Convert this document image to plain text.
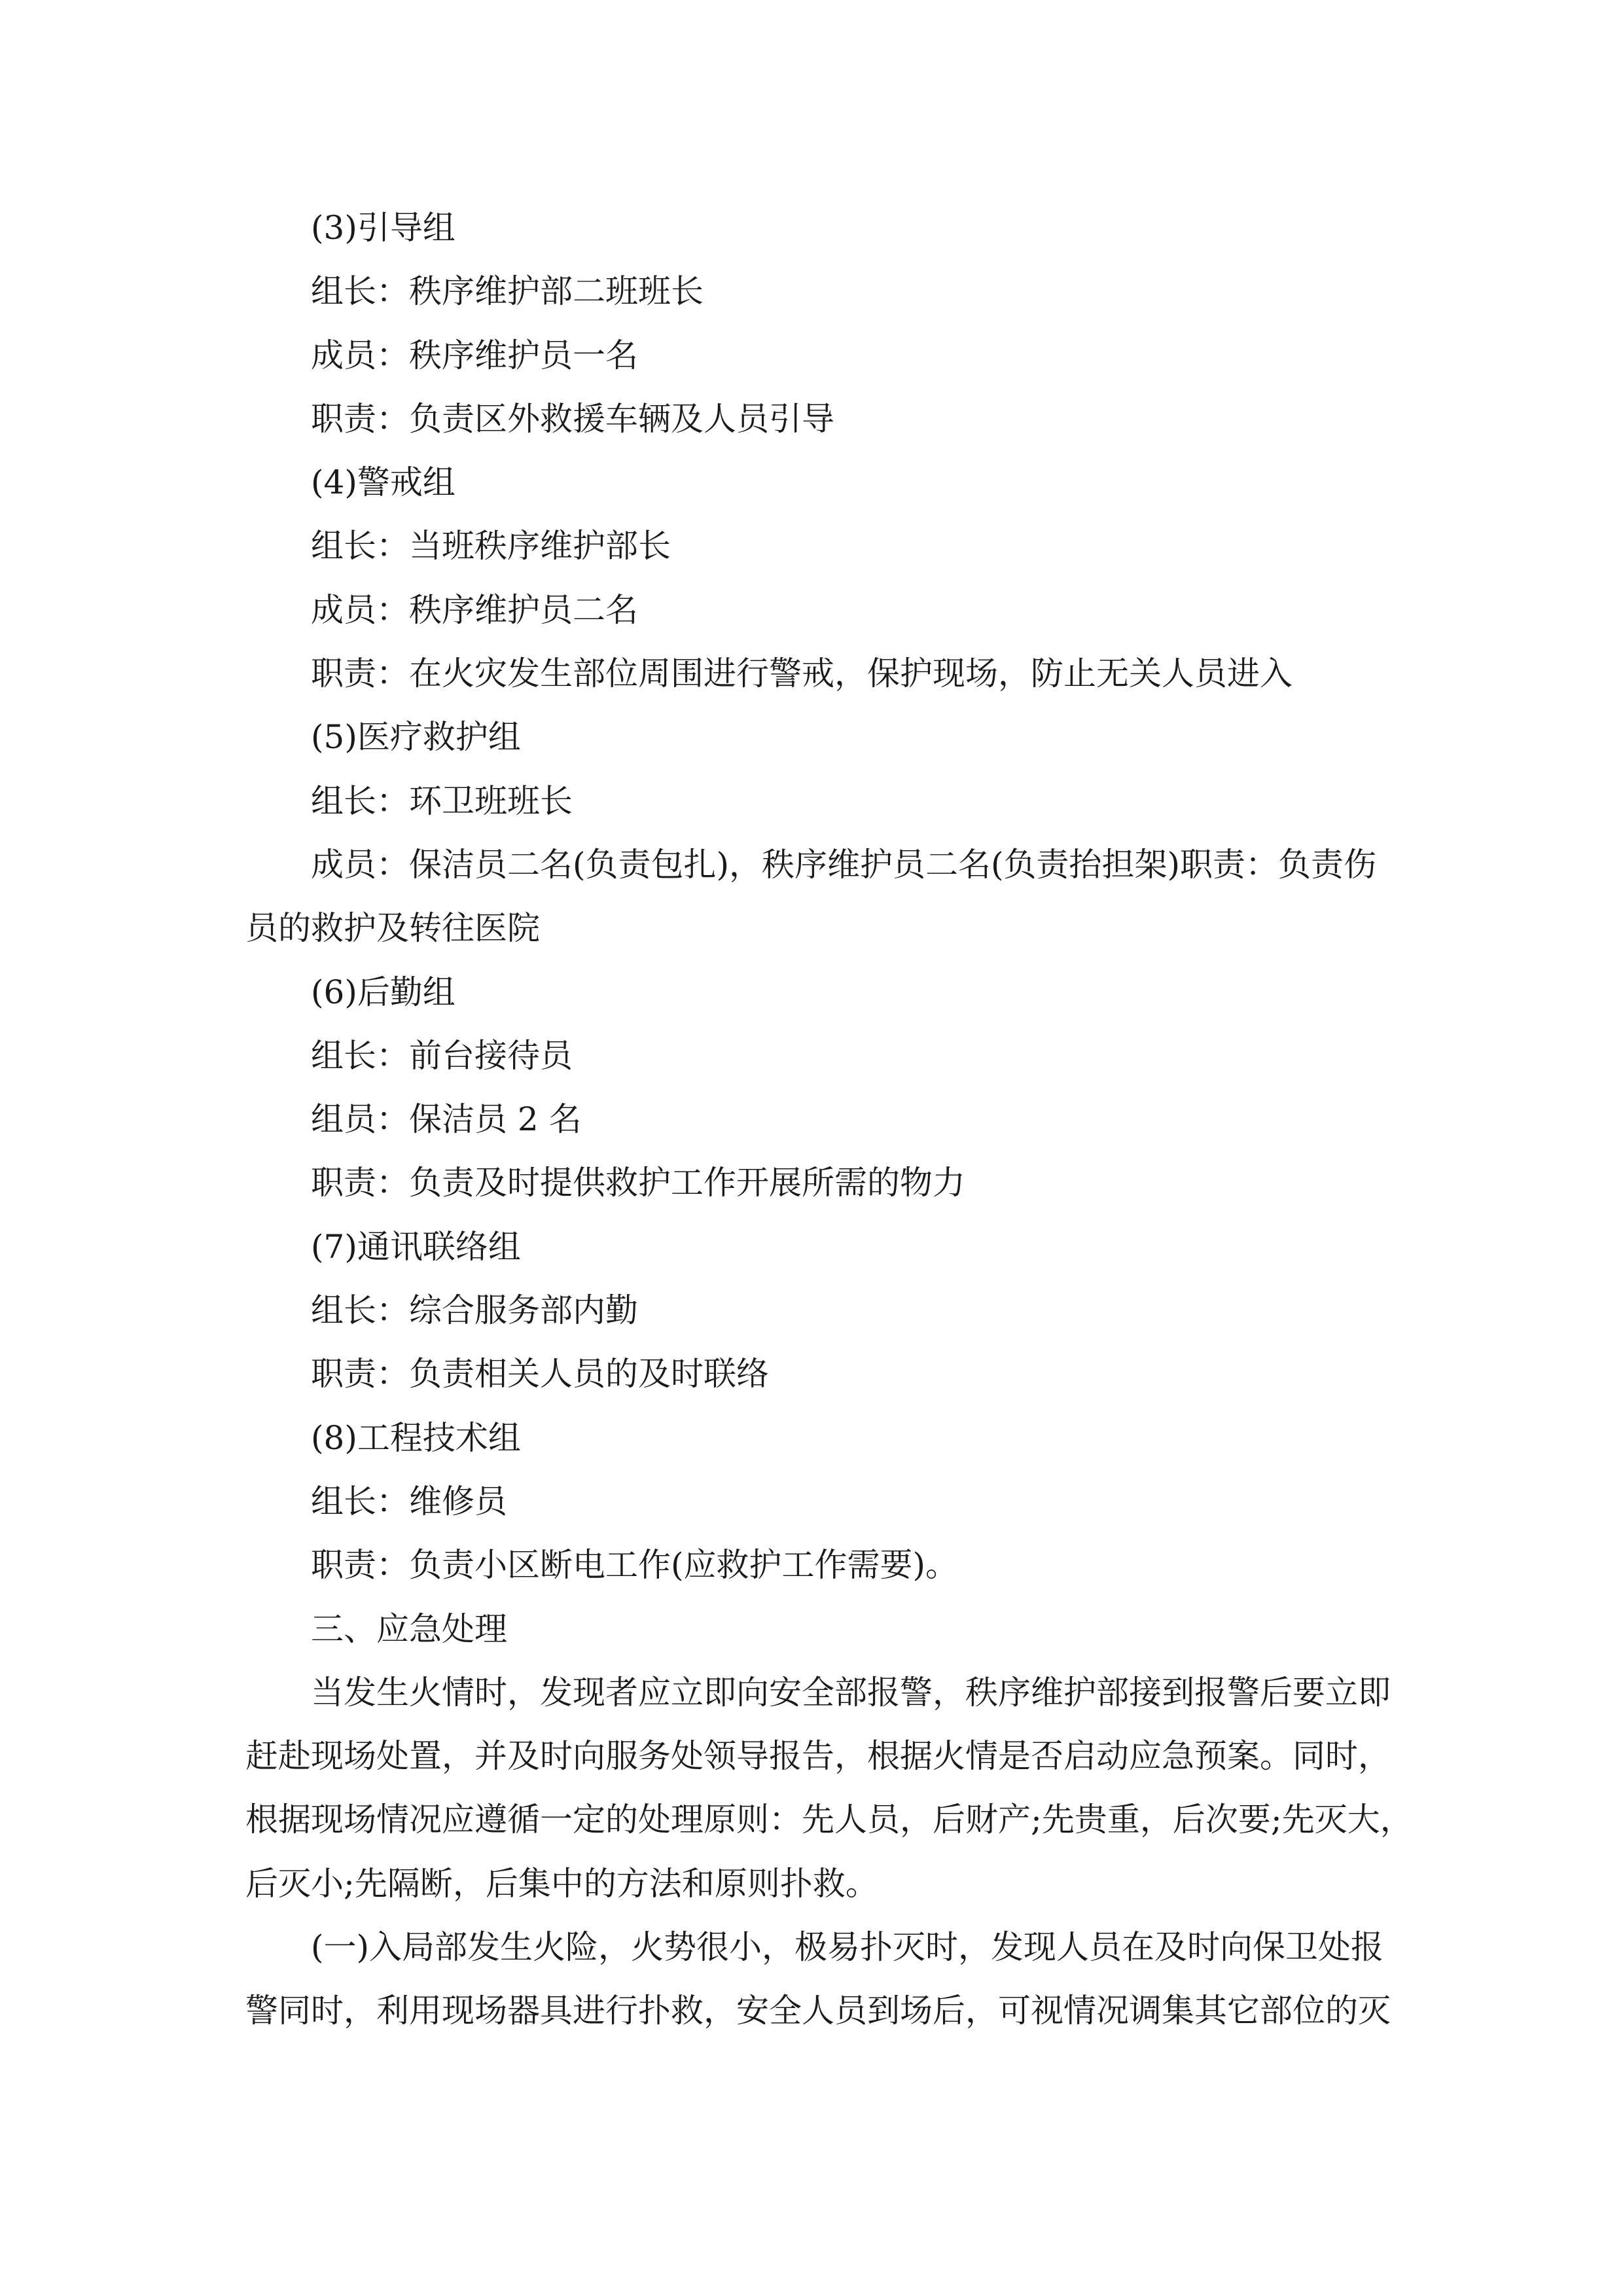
(3)引导组

组长：秩序维护部二班班长

成员：秩序维护员一名

职责：负责区外救援车辆及人员引导

(4)警戒组

组长：当班秩序维护部长

成员：秩序维护员二名

职责：在火灾发生部位周围进行警戒，保护现场，防止无关人员进入

(5)医疗救护组

组长：环卫班班长

成员：保洁员二名(负责包扎)，秩序维护员二名(负责抬担架)职责：负责伤

员的救护及转往医院

(6)后勤组

组长：前台接待员

组员：保洁员 2 名

职责：负责及时提供救护工作开展所需的物力

(7)通讯联络组

组长：综合服务部内勤

职责：负责相关人员的及时联络

(8)工程技术组

组长：维修员

职责：负责小区断电工作(应救护工作需要)。

三、应急处理

当发生火情时，发现者应立即向安全部报警，秩序维护部接到报警后要立即

赶赴现场处置，并及时向服务处领导报告，根据火情是否启动应急预案。同时，

根据现场情况应遵循一定的处理原则：先人员，后财产;先贵重，后次要;先灭大，

后灭小;先隔断，后集中的方法和原则扑救。

(一)入局部发生火险，火势很小，极易扑灭时，发现人员在及时向保卫处报

警同时，利用现场器具进行扑救，安全人员到场后，可视情况调集其它部位的灭
